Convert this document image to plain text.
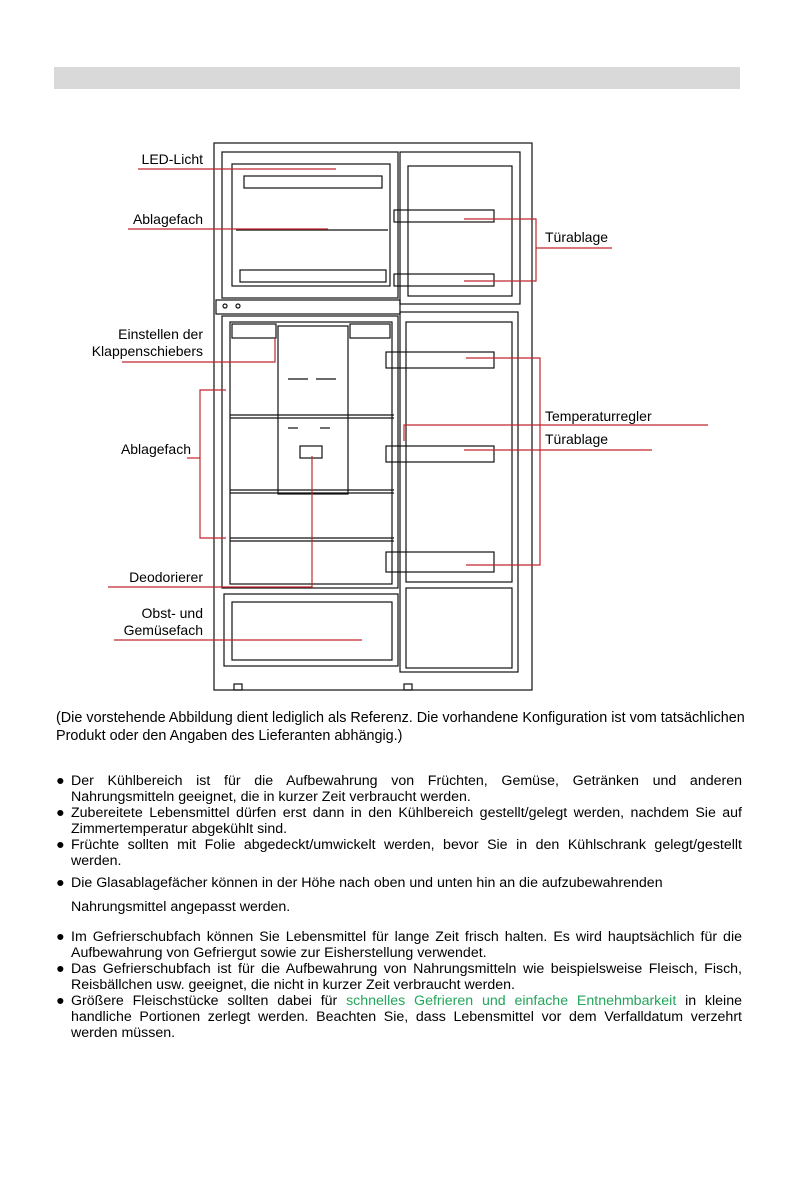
LED-Licht
Ablagefach
Türablage
Einstellen der
Klappenschiebers
Ablagefach
Temperaturregler
Türablage
Deodorierer
Obst- und
Gemüsefach
(Die vorstehende Abbildung dient lediglich als Referenz. Die vorhandene Konfiguration ist vom tatsächlichen Produkt oder den Angaben des Lieferanten abhängig.)

● Der Kühlbereich ist für die Aufbewahrung von Früchten, Gemüse, Getränken und anderen Nahrungsmitteln geeignet, die in kurzer Zeit verbraucht werden.

● Zubereitete Lebensmittel dürfen erst dann in den Kühlbereich gestellt/gelegt werden, nachdem Sie auf Zimmertemperatur abgekühlt sind.

● Früchte sollten mit Folie abgedeckt/umwickelt werden, bevor Sie in den Kühlschrank gelegt/gestellt werden.

● Die Glasablagefächer können in der Höhe nach oben und unten hin an die aufzubewahrenden

Nahrungsmittel angepasst werden.

● Im Gefrierschubfach können Sie Lebensmittel für lange Zeit frisch halten. Es wird hauptsächlich für die Aufbewahrung von Gefriergut sowie zur Eisherstellung verwendet.

● Das Gefrierschubfach ist für die Aufbewahrung von Nahrungsmitteln wie beispielsweise Fleisch, Fisch, Reisbällchen usw. geeignet, die nicht in kurzer Zeit verbraucht werden.

● Größere Fleischstücke sollten dabei für schnelles Gefrieren und einfache Entnehmbarkeit in kleine handliche Portionen zerlegt werden. Beachten Sie, dass Lebensmittel vor dem Verfalldatum verzehrt werden müssen.
